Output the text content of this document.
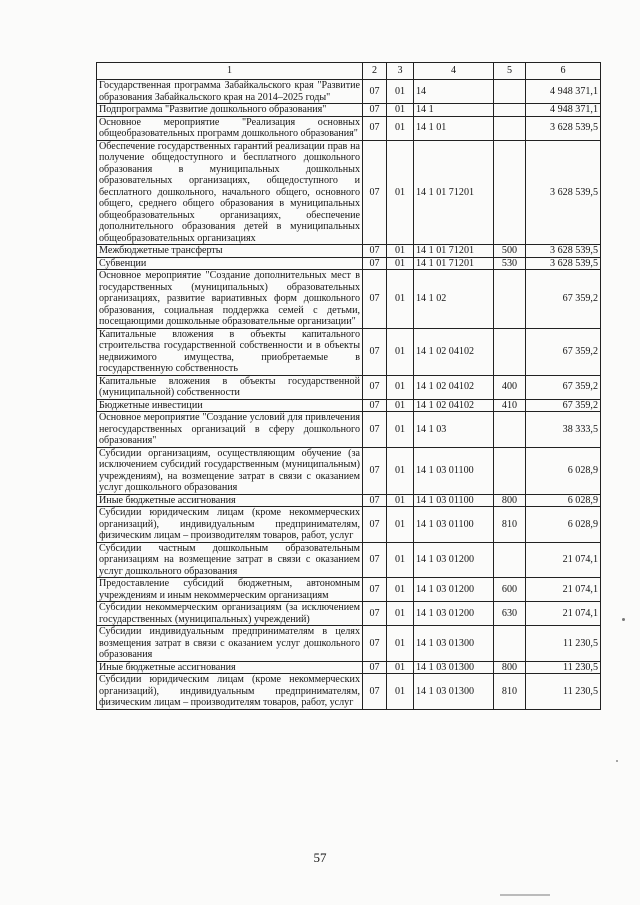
1	2	3	4	5	6
Государственная программа Забайкальского края "Развитие образования Забайкальского края на 2014–2025 годы"	07	01	14		4 948 371,1
Подпрограмма "Развитие дошкольного образования"	07	01	14 1		4 948 371,1
Основное мероприятие "Реализация основных общеобразовательных программ дошкольного образования"	07	01	14 1 01		3 628 539,5
Обеспечение государственных гарантий реализации прав на получение общедоступного и бесплатного дошкольного образования в муниципальных дошкольных образовательных организациях, общедоступного и бесплатного дошкольного, начального общего, основного общего, среднего общего образования в муниципальных общеобразовательных организациях, обеспечение дополнительного образования детей в муниципальных общеобразовательных организациях	07	01	14 1 01 71201		3 628 539,5
Межбюджетные трансферты	07	01	14 1 01 71201	500	3 628 539,5
Субвенции	07	01	14 1 01 71201	530	3 628 539,5
Основное мероприятие "Создание дополнительных мест в государственных (муниципальных) образовательных организациях, развитие вариативных форм дошкольного образования, социальная поддержка семей с детьми, посещающими дошкольные образовательные организации"	07	01	14 1 02		67 359,2
Капитальные вложения в объекты капитального строительства государственной собственности и в объекты недвижимого имущества, приобретаемые в государственную собственность	07	01	14 1 02 04102		67 359,2
Капитальные вложения в объекты государственной (муниципальной) собственности	07	01	14 1 02 04102	400	67 359,2
Бюджетные инвестиции	07	01	14 1 02 04102	410	67 359,2
Основное мероприятие "Создание условий для привлечения негосударственных организаций в сферу дошкольного образования"	07	01	14 1 03		38 333,5
Субсидии организациям, осуществляющим обучение (за исключением субсидий государственным (муниципальным) учреждениям), на возмещение затрат в связи с оказанием услуг дошкольного образования	07	01	14 1 03 01100		6 028,9
Иные бюджетные ассигнования	07	01	14 1 03 01100	800	6 028,9
Субсидии юридическим лицам (кроме некоммерческих организаций), индивидуальным предпринимателям, физическим лицам – производителям товаров, работ, услуг	07	01	14 1 03 01100	810	6 028,9
Субсидии частным дошкольным образовательным организациям на возмещение затрат в связи с оказанием услуг дошкольного образования	07	01	14 1 03 01200		21 074,1
Предоставление субсидий бюджетным, автономным учреждениям и иным некоммерческим организациям	07	01	14 1 03 01200	600	21 074,1
Субсидии некоммерческим организациям (за исключением государственных (муниципальных) учреждений)	07	01	14 1 03 01200	630	21 074,1
Субсидии индивидуальным предпринимателям в целях возмещения затрат в связи с оказанием услуг дошкольного образования	07	01	14 1 03 01300		11 230,5
Иные бюджетные ассигнования	07	01	14 1 03 01300	800	11 230,5
Субсидии юридическим лицам (кроме некоммерческих организаций), индивидуальным предпринимателям, физическим лицам – производителям товаров, работ, услуг	07	01	14 1 03 01300	810	11 230,5
57
